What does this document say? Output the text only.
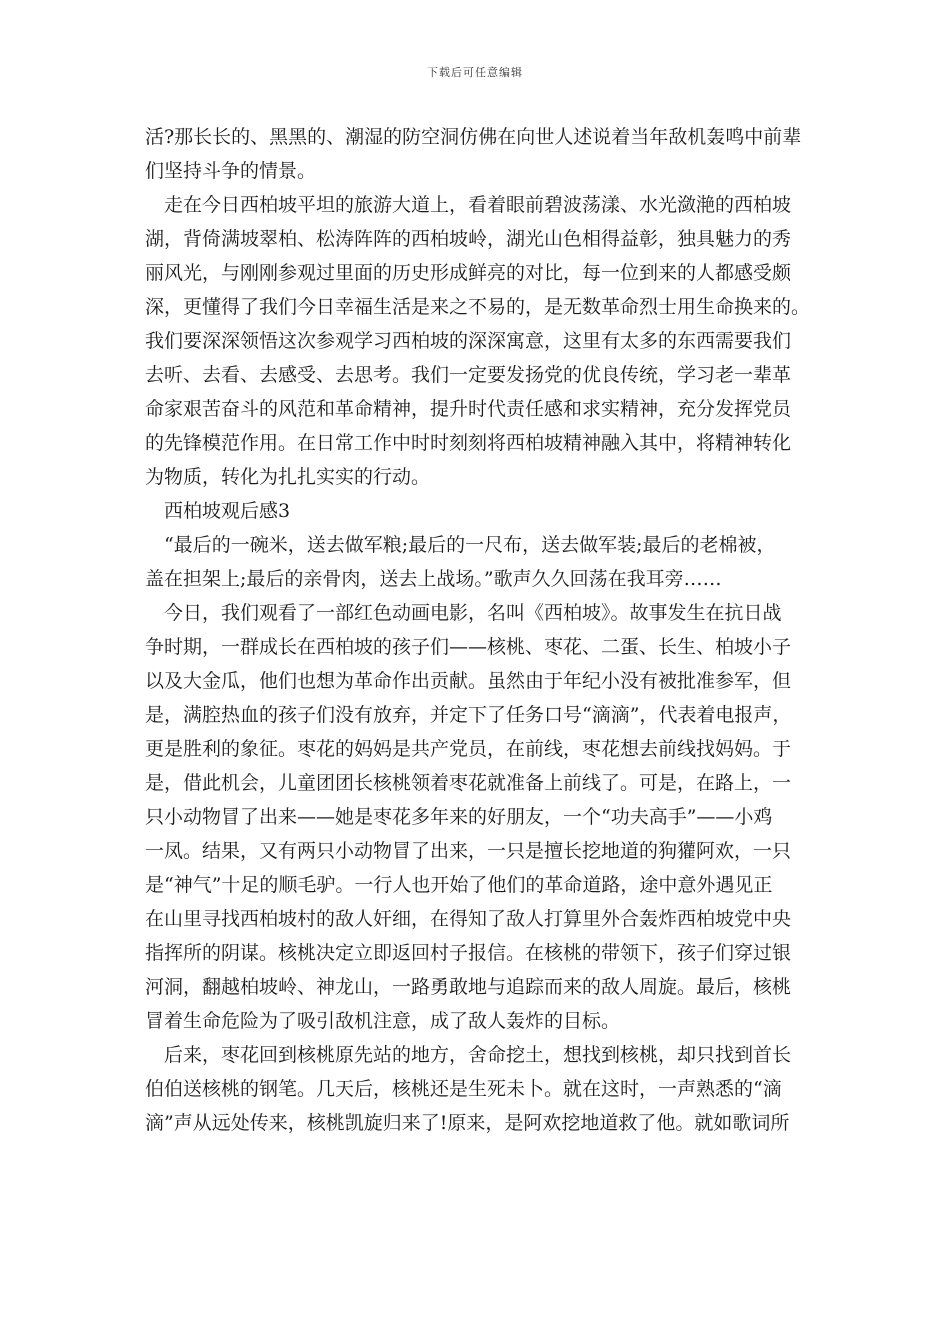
下载后可任意编辑
活?那长长的、黑黑的、潮湿的防空洞仿佛在向世人述说着当年敌机轰鸣中前辈
们坚持斗争的情景。
走在今日西柏坡平坦的旅游大道上，看着眼前碧波荡漾、水光潋滟的西柏坡
湖，背倚满坡翠柏、松涛阵阵的西柏坡岭，湖光山色相得益彰，独具魅力的秀
丽风光，与刚刚参观过里面的历史形成鲜亮的对比，每一位到来的人都感受颇
深，更懂得了我们今日幸福生活是来之不易的，是无数革命烈士用生命换来的。
我们要深深领悟这次参观学习西柏坡的深深寓意，这里有太多的东西需要我们
去听、去看、去感受、去思考。我们一定要发扬党的优良传统，学习老一辈革
命家艰苦奋斗的风范和革命精神，提升时代责任感和求实精神，充分发挥党员
的先锋模范作用。在日常工作中时时刻刻将西柏坡精神融入其中，将精神转化
为物质，转化为扎扎实实的行动。
西柏坡观后感3
“最后的一碗米，送去做军粮;最后的一尺布，送去做军装;最后的老棉被，
盖在担架上;最后的亲骨肉，送去上战场。”歌声久久回荡在我耳旁……
今日，我们观看了一部红色动画电影，名叫《西柏坡》。故事发生在抗日战
争时期，一群成长在西柏坡的孩子们——核桃、枣花、二蛋、长生、柏坡小子
以及大金瓜，他们也想为革命作出贡献。虽然由于年纪小没有被批准参军，但
是，满腔热血的孩子们没有放弃，并定下了任务口号“滴滴”，代表着电报声，
更是胜利的象征。枣花的妈妈是共产党员，在前线，枣花想去前线找妈妈。于
是，借此机会，儿童团团长核桃领着枣花就准备上前线了。可是，在路上，一
只小动物冒了出来——她是枣花多年来的好朋友，一个“功夫高手”——小鸡
一凤。结果，又有两只小动物冒了出来，一只是擅长挖地道的狗獾阿欢，一只
是“神气”十足的顺毛驴。一行人也开始了他们的革命道路，途中意外遇见正
在山里寻找西柏坡村的敌人奸细，在得知了敌人打算里外合轰炸西柏坡党中央
指挥所的阴谋。核桃决定立即返回村子报信。在核桃的带领下，孩子们穿过银
河洞，翻越柏坡岭、神龙山，一路勇敢地与追踪而来的敌人周旋。最后，核桃
冒着生命危险为了吸引敌机注意，成了敌人轰炸的目标。
后来，枣花回到核桃原先站的地方，舍命挖土，想找到核桃，却只找到首长
伯伯送核桃的钢笔。几天后，核桃还是生死未卜。就在这时，一声熟悉的“滴
滴”声从远处传来，核桃凯旋归来了!原来，是阿欢挖地道救了他。就如歌词所
